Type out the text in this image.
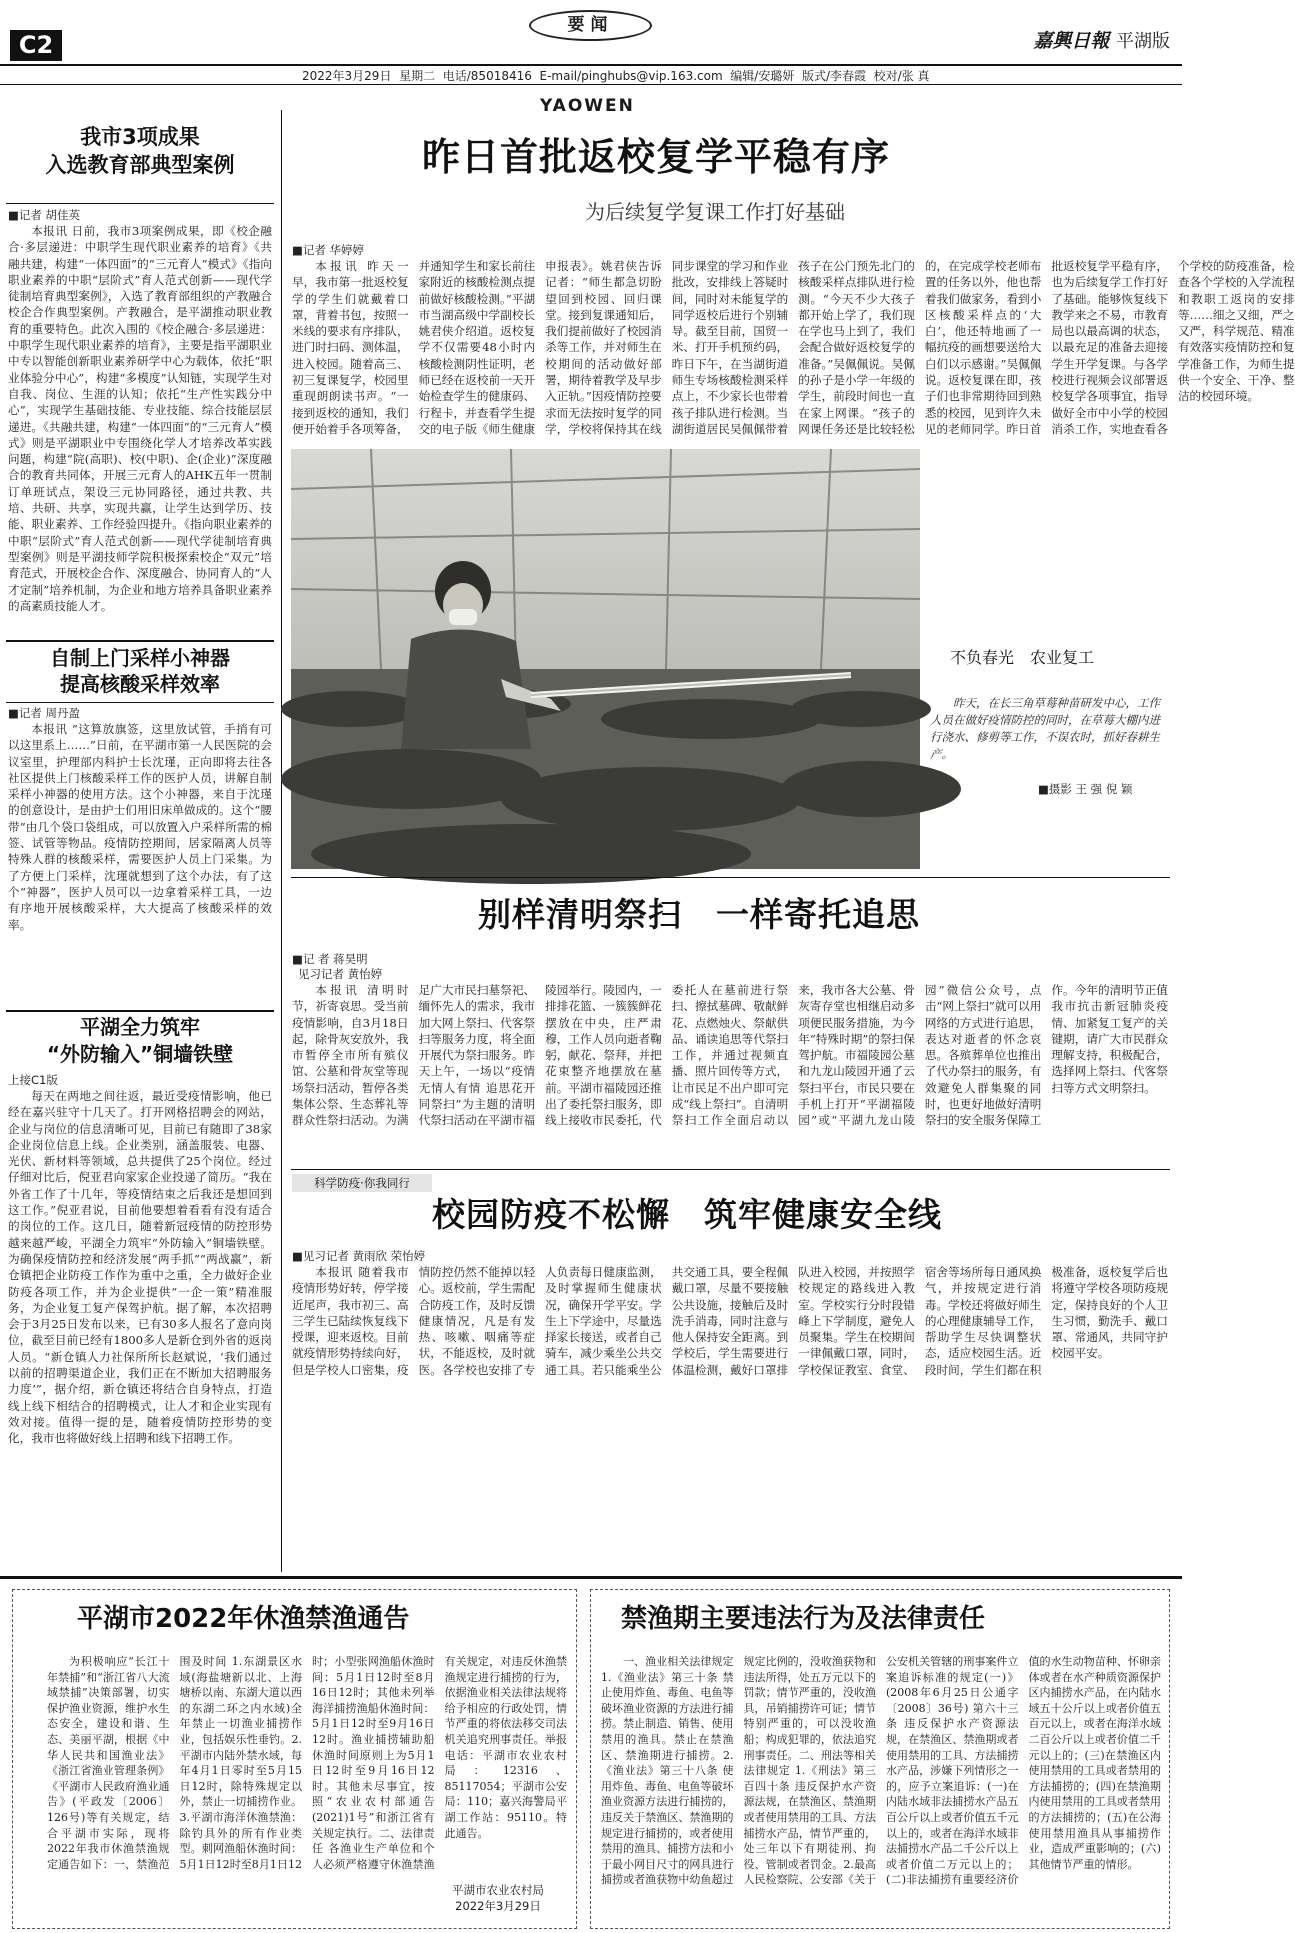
C2
要闻
嘉興日報 平湖版
2022年3月29日 星期二 电话/85018416 E-mail/pinghubs@vip.163.com 编辑/安璐妍 版式/李春霞 校对/张 真
YAOWEN
我市3项成果
入选教育部典型案例
■记者 胡佳英

本报讯 日前，我市3项案例成果，即《校企融合·多层递进：中职学生现代职业素养的培育》《共融共建，构建“一体四面”的“三元育人”模式》《指向职业素养的中职“层阶式”育人范式创新——现代学徒制培育典型案例》，入选了教育部组织的产教融合校企合作典型案例。产教融合，是平湖推动职业教育的重要特色。此次入围的《校企融合·多层递进：中职学生现代职业素养的培育》，主要是指平湖职业中专以智能创新职业素养研学中心为载体，依托“职业体验分中心”，构建“多模度”认知链，实现学生对自我、岗位、生涯的认知；依托“生产性实践分中心”，实现学生基础技能、专业技能、综合技能层层递进。《共融共建，构建“一体四面”的“三元育人”模式》则是平湖职业中专围绕化学人才培养改革实践问题，构建“院(高职)、校(中职)、企(企业)”深度融合的教育共同体，开展三元育人的AHK五年一贯制订单班试点，架设三元协同路径，通过共教、共培、共研、共享，实现共赢，让学生达到学历、技能、职业素养、工作经验四提升。《指向职业素养的中职“层阶式”育人范式创新——现代学徒制培育典型案例》则是平湖技师学院积极探索校企“双元”培育范式，开展校企合作、深度融合、协同育人的“人才定制”培养机制，为企业和地方培养具备职业素养的高素质技能人才。

自制上门采样小神器
提高核酸采样效率
■记者 周丹盈

本报讯 “这算放旗签，这里放试管，手捎有可以这里系上……”日前，在平湖市第一人民医院的会议室里，护理部内科护士长沈瑾，正向即将去往各社区提供上门核酸采样工作的医护人员，讲解自制采样小神器的使用方法。这个小神器，来自于沈瑾的创意设计，是由护士们用旧床单做成的。这个“腰带”由几个袋口袋组成，可以放置入户采样所需的棉签、试管等物品。疫情防控期间，居家隔离人员等特殊人群的核酸采样，需要医护人员上门采集。为了方便上门采样，沈瑾就想到了这个办法，有了这个“神器”，医护人员可以一边拿着采样工具，一边有序地开展核酸采样，大大提高了核酸采样的效率。

平湖全力筑牢
“外防输入”铜墙铁壁
上接C1版

每天在两地之间往返，最近受疫情影响，他已经在嘉兴驻守十几天了。打开网格招聘会的网站，企业与岗位的信息清晰可见，目前已有随即了38家企业岗位信息上线。企业类别，涵盖服装、电器、光伏、新材料等领域，总共提供了25个岗位。经过仔细对比后，倪亚君向家家企业投递了简历。“我在外省工作了十几年，等疫情结束之后我还是想回到这工作。”倪亚君说，目前他要想着看看有没有适合的岗位的工作。这几日，随着新冠疫情的防控形势越来越严峻，平湖全力筑牢“外防输入”铜墙铁壁。为确保疫情防控和经济发展“两手抓”“两战赢”，新仓镇把企业防疫工作作为重中之重，全力做好企业防疫各项工作，并为企业提供“一企一策”精准服务，为企业复工复产保驾护航。据了解，本次招聘会于3月25日发布以来，已有30多人报名了意向岗位，截至目前已经有1800多人是新仓到外省的返岗人员。“新仓镇人力社保所所长赵斌说，‘我们通过以前的招聘渠道企业，我们正在不断加大招聘服务力度’”，据介绍，新仓镇还将结合自身特点，打造线上线下相结合的招聘模式，让人才和企业实现有效对接。值得一提的是，随着疫情防控形势的变化，我市也将做好线上招聘和线下招聘工作。

昨日首批返校复学平稳有序
为后续复学复课工作打好基础
■记者 华婷婷

本报讯 昨天一早，我市第一批返校复学的学生们就戴着口罩，背着书包，按照一米线的要求有序排队，进门时扫码、测体温，进入校园。随着高三、初三复课复学，校园里重现朗朗读书声。“一接到返校的通知，我们便开始着手各项筹备，并通知学生和家长前往家附近的核酸检测点提前做好核酸检测。”平湖市当湖高级中学副校长姚君侠介绍道。返校复学不仅需要48小时内核酸检测阴性证明，老师已经在返校前一天开始检查学生的健康码、行程卡，并查看学生提交的电子版《师生健康申报表》。姚君侠告诉记者：“师生都急切盼望回到校园、回归课堂。接到复课通知后，我们提前做好了校园消杀等工作，并对师生在校期间的活动做好部署，期待着教学及早步入正轨。”因疫情防控要求而无法按时复学的同学，学校将保持其在线同步课堂的学习和作业批改，安排线上答疑时间，同时对未能复学的同学返校后进行个别辅导。截至目前，国贸一米、打开手机预约码，昨日下午，在当湖街道师生专场核酸检测采样点上，不少家长也带着孩子排队进行检测。当湖街道居民吴佩佩带着孩子在公门预先北门的核酸采样点排队进行检测。“今天不少大孩子都开始上学了，我们现在学也马上到了，我们会配合做好返校复学的准备。”吴佩佩说。吴佩的孙子是小学一年级的学生，前段时间也一直在家上网课。“孩子的网课任务还是比较轻松的，在完成学校老师布置的任务以外，他也帮着我们做家务，看到小区核酸采样点的‘大白’，他还特地画了一幅抗疫的画想要送给大白们以示感谢。”吴佩佩说。返校复课在即，孩子们也非常期待回到熟悉的校园，见到许久未见的老师同学。昨日首批返校复学平稳有序，也为后续复学工作打好了基础。能够恢复线下教学来之不易，市教育局也以最高调的状态，以最充足的准备去迎接学生开学复课。与各学校进行视频会议部署返校复学各项事宜，指导做好全市中小学的校园消杀工作，实地查看各个学校的防疫准备，检查各个学校的入学流程和教职工返岗的安排等……细之又细，严之又严，科学规范、精准有效落实疫情防控和复学准备工作，为师生提供一个安全、干净、整洁的校园环境。

不负春光　农业复工
昨天，在长三角草莓种苗研发中心，工作人员在做好疫情防控的同时，在草莓大棚内进行浇水、修剪等工作，不误农时，抓好春耕生产。
■摄影 王 强 倪 颖
别样清明祭扫　一样寄托追思
■记 者 蒋昊明
见习记者 黄怡婷

本报讯 清明时节，祈寄哀思。受当前疫情影响，自3月18日起，除骨灰安放外，我市暂停全市所有殡仪馆、公墓和骨灰堂等现场祭扫活动，暂停各类集体公祭、生态葬礼等群众性祭扫活动。为满足广大市民扫墓祭祀、缅怀先人的需求，我市加大网上祭扫、代客祭扫等服务力度，将全面开展代为祭扫服务。昨天上午，一场以“疫情无情人有情 追思花开同祭扫”为主题的清明代祭扫活动在平湖市福陵园举行。陵园内，一排排花篮、一簇簇鲜花摆放在中央，庄严肃穆，工作人员向逝者鞠躬，献花、祭拜，并把花束整齐地摆放在墓前。平湖市福陵园还推出了委托祭扫服务，即线上接收市民委托，代委托人在墓前进行祭扫、擦拭墓碑、敬献鲜花、点燃烛火、祭献供品、诵读追思等代祭扫工作，并通过视频直播、照片回传等方式，让市民足不出户即可完成“线上祭扫”。自清明祭扫工作全面启动以来，我市各大公墓、骨灰寄存堂也相继启动多项便民服务措施，为今年“特殊时期”的祭扫保驾护航。市福陵园公墓和九龙山陵园开通了云祭扫平台，市民只要在手机上打开“平湖福陵园”或“平湖九龙山陵园”微信公众号，点击“网上祭扫”就可以用网络的方式进行追思，表达对逝者的怀念哀思。各殡葬单位也推出了代办祭扫的服务，有效避免人群集聚的同时，也更好地做好清明祭扫的安全服务保障工作。今年的清明节正值我市抗击新冠肺炎疫情、加紧复工复产的关键期，请广大市民群众理解支持，积极配合，选择网上祭扫、代客祭扫等方式文明祭扫。

科学防疫·你我同行
校园防疫不松懈　筑牢健康安全线
■见习记者 黄雨欣 荣怡婷

本报讯 随着我市疫情形势好转，停学接近尾声，我市初三、高三学生已陆续恢复线下授课，迎来返校。目前就疫情形势持续向好，但是学校人口密集，疫情防控仍然不能掉以轻心。返校前，学生需配合防疫工作，及时反馈健康情况，凡是有发热、咳嗽、咽痛等症状，不能返校，及时就医。各学校也安排了专人负责每日健康监测，及时掌握师生健康状况，确保开学平安。学生上下学途中，尽量选择家长接送，或者自己骑车，减少乘坐公共交通工具。若只能乘坐公共交通工具，要全程佩戴口罩，尽量不要接触公共设施，接触后及时洗手消毒，同时注意与他人保持安全距离。到学校后，学生需要进行体温检测，戴好口罩排队进入校园，并按照学校规定的路线进入教室。学校实行分时段错峰上下学制度，避免人员聚集。学生在校期间一律佩戴口罩，同时，学校保证教室、食堂、宿舍等场所每日通风换气，并按规定进行消毒。学校还将做好师生的心理健康辅导工作，帮助学生尽快调整状态，适应校园生活。近段时间，学生们都在积极准备，返校复学后也将遵守学校各项防疫规定，保持良好的个人卫生习惯，勤洗手、戴口罩、常通风，共同守护校园平安。

平湖市2022年休渔禁渔通告

为积极响应“长江十年禁捕”和“浙江省八大流域禁捕”决策部署，切实保护渔业资源，维护水生态安全，建设和谐、生态、美丽平湖，根据《中华人民共和国渔业法》《浙江省渔业管理条例》《平湖市人民政府渔业通告》(平政发〔2006〕126号)等有关规定，结合平湖市实际，现将2022年我市休渔禁渔规定通告如下：一、禁渔范围及时间 1.东湖景区水域(海盐塘新以北、上海塘桥以南、东湖大道以西的东湖二环之内水域)全年禁止一切渔业捕捞作业，包括娱乐性垂钓。2.平湖市内陆外禁水域，每年4月1日零时至5月15日12时，除特殊规定以外，禁止一切捕捞作业。3.平湖市海洋休渔禁渔：除钓具外的所有作业类型。刺网渔船休渔时间：5月1日12时至8月1日12时；小型张网渔船休渔时间：5月1日12时至8月16日12时；其他未列举海洋捕捞渔船休渔时间：5月1日12时至9月16日12时。渔业捕捞辅助船休渔时间原则上为5月1日12时至9月16日12时。其他未尽事宜，按照“农业农村部通告(2021)1号”和浙江省有关规定执行。二、法律责任 各渔业生产单位和个人必须严格遵守休渔禁渔有关规定，对违反休渔禁渔规定进行捕捞的行为，依据渔业相关法律法规将给予相应的行政处罚，情节严重的将依法移交司法机关追究刑事责任。举报电话：平湖市农业农村局：12316、85117054；平湖市公安局：110；嘉兴海警局平湖工作站：95110。特此通告。

平湖市农业农村局
2022年3月29日
禁渔期主要违法行为及法律责任

一、渔业相关法律规定 1.《渔业法》第三十条 禁止使用炸鱼、毒鱼、电鱼等破坏渔业资源的方法进行捕捞。禁止制造、销售、使用禁用的渔具。禁止在禁渔区、禁渔期进行捕捞。2.《渔业法》第三十八条 使用炸鱼、毒鱼、电鱼等破坏渔业资源方法进行捕捞的，违反关于禁渔区、禁渔期的规定进行捕捞的，或者使用禁用的渔具、捕捞方法和小于最小网目尺寸的网具进行捕捞或者渔获物中幼鱼超过规定比例的，没收渔获物和违法所得，处五万元以下的罚款；情节严重的，没收渔具，吊销捕捞许可证；情节特别严重的，可以没收渔船；构成犯罪的，依法追究刑事责任。二、刑法等相关法律规定 1.《刑法》第三百四十条 违反保护水产资源法规，在禁渔区、禁渔期或者使用禁用的工具、方法捕捞水产品，情节严重的，处三年以下有期徒刑、拘役、管制或者罚金。2.最高人民检察院、公安部《关于公安机关管辖的刑事案件立案追诉标准的规定(一)》(2008年6月25日公通字〔2008〕36号) 第六十三条 违反保护水产资源法规，在禁渔区、禁渔期或者使用禁用的工具、方法捕捞水产品，涉嫌下列情形之一的，应予立案追诉：(一)在内陆水域非法捕捞水产品五百公斤以上或者价值五千元以上的，或者在海洋水域非法捕捞水产品二千公斤以上或者价值二万元以上的；(二)非法捕捞有重要经济价值的水生动物苗种、怀卵亲体或者在水产种质资源保护区内捕捞水产品，在内陆水域五十公斤以上或者价值五百元以上，或者在海洋水域二百公斤以上或者价值二千元以上的；(三)在禁渔区内使用禁用的工具或者禁用的方法捕捞的；(四)在禁渔期内使用禁用的工具或者禁用的方法捕捞的；(五)在公海使用禁用渔具从事捕捞作业，造成严重影响的；(六)其他情节严重的情形。
